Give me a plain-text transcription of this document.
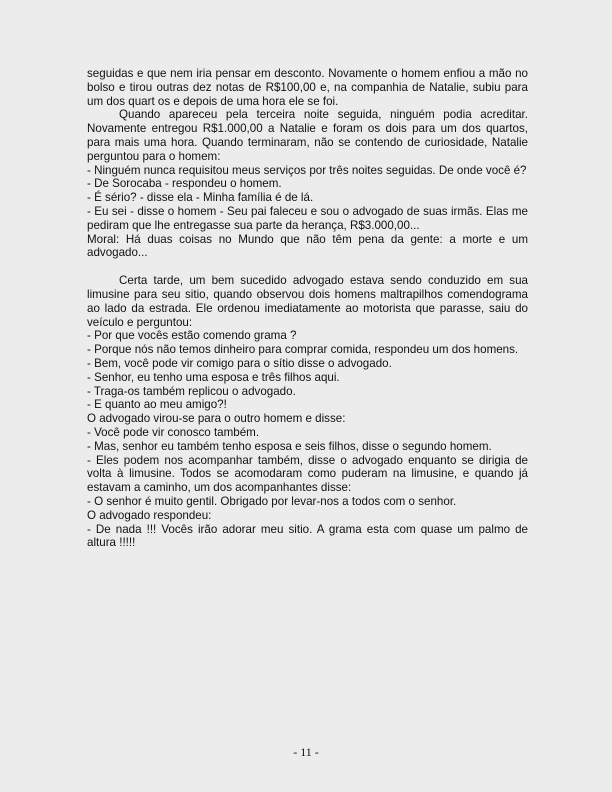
seguidas e que nem iria pensar em desconto. Novamente o homem enfiou a mão no bolso e tirou outras dez notas de R$100,00 e, na companhia de Natalie, subiu para um dos quart os e depois de uma hora ele se foi.

Quando apareceu pela terceira noite seguida, ninguém podia acreditar. Novamente entregou R$1.000,00 a Natalie e foram os dois para um dos quartos, para mais uma hora. Quando terminaram, não se contendo de curiosidade, Natalie perguntou para o homem:

- Ninguém nunca requisitou meus serviços por três noites seguidas. De onde você é?

- De Sorocaba - respondeu o homem.

- É sério? - disse ela - Minha família é de lá.

- Eu sei - disse o homem - Seu pai faleceu e sou o advogado de suas irmãs. Elas me pediram que lhe entregasse sua parte da herança, R$3.000,00...

Moral: Há duas coisas no Mundo que não têm pena da gente: a morte e um advogado...

Certa tarde, um bem sucedido advogado estava sendo conduzido em sua limusine para seu sitio, quando observou dois homens maltrapilhos comendograma ao lado da estrada. Ele ordenou imediatamente ao motorista que parasse, saiu do veículo e perguntou:

- Por que vocês estão comendo grama ?

- Porque nós não temos dinheiro para comprar comida, respondeu um dos homens.

- Bem, você pode vir comigo para o sítio disse o advogado.

- Senhor, eu tenho uma esposa e três filhos aqui.

- Traga-os também replicou o advogado.

- E quanto ao meu amigo?!

O advogado virou-se para o outro homem e disse:

- Você pode vir conosco também.

- Mas, senhor eu também tenho esposa e seis filhos, disse o segundo homem.

- Eles podem nos acompanhar também, disse o advogado enquanto se dirigia de volta à limusine. Todos se acomodaram como puderam na limusine, e quando já estavam a caminho, um dos acompanhantes disse:

- O senhor é muito gentil. Obrigado por levar-nos a todos com o senhor.

O advogado respondeu:

- De nada !!! Vocês irão adorar meu sitio. A grama esta com quase um palmo de altura !!!!!

- 11 -
